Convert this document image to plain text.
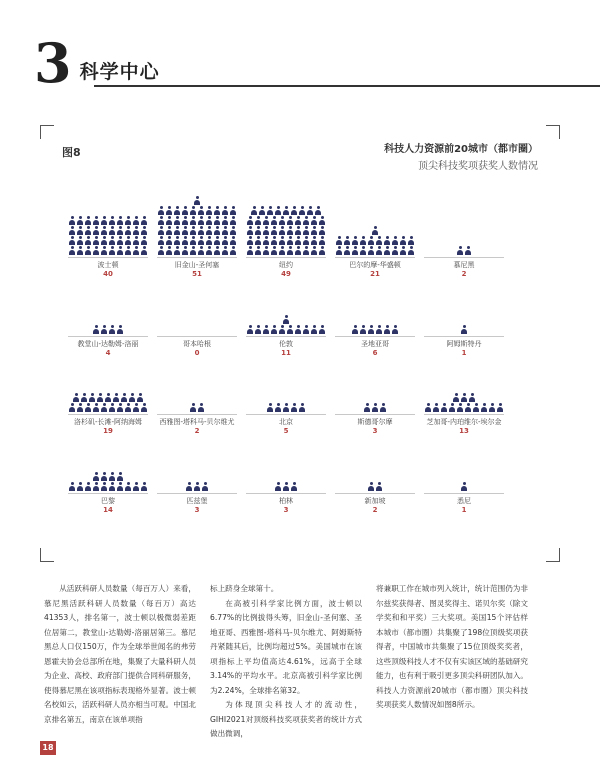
3 科学中心
图8	科技人力资源前20城市（都市圈）
顶尖科技奖项获奖人数情况
波士顿
40
旧金山-圣何塞
51
纽约
49
巴尔的摩-华盛顿
21
慕尼黑
2
教堂山-达勒姆-洛丽
4
哥本哈根
0
伦敦
11
圣地亚哥
6
阿姆斯特丹
1
洛杉矶-长滩-阿纳海姆
19
西雅图-塔科马-贝尔维尤
2
北京
5
斯德哥尔摩
3
芝加哥-内珀维尔-埃尔金
13
巴黎
14
匹兹堡
3
柏林
3
新加坡
2
悉尼
1

从活跃科研人员数量（每百万人）来看，慕尼黑活跃科研人员数量（每百万）高达41353人，排名第一，波士顿以极微弱差距位居第二，教堂山-达勒姆-洛丽居第三。慕尼黑总人口仅150万，作为全球举世闻名的弗劳恩霍夫协会总部所在地，集聚了大量科研人员为企业、高校、政府部门提供合同科研服务，使得慕尼黑在该项指标表现格外显著。波士顿名校如云，活跃科研人员亦相当可观。中国北京排名第五，南京在该单项指

标上跻身全球第十。

在高被引科学家比例方面，波士顿以6.77%的比例拔得头筹，旧金山-圣何塞、圣地亚哥、西雅图-塔科马-贝尔维尤、阿姆斯特丹紧随其后，比例均超过5%。美国城市在该项指标上平均值高达4.61%，远高于全球3.14%的平均水平。北京高被引科学家比例为2.24%，全球排名第32。

为体现顶尖科技人才的流动性，GIHI2021对顶级科技奖项获奖者的统计方式做出微调，

将兼职工作在城市列入统计，统计范围仍为非尔兹奖获得者、图灵奖得主、诺贝尔奖（除文学奖和和平奖）三大奖项。美国15个评估样本城市（都市圈）共集聚了198位顶级奖项获得者，中国城市共集聚了15位顶级奖奖者，这些顶级科技人才不仅有实该区域的基础研究能力，也有利于吸引更多顶尖科研团队加入。科技人力资源前20城市（都市圈）顶尖科技奖项获奖人数情况如图8所示。

18
